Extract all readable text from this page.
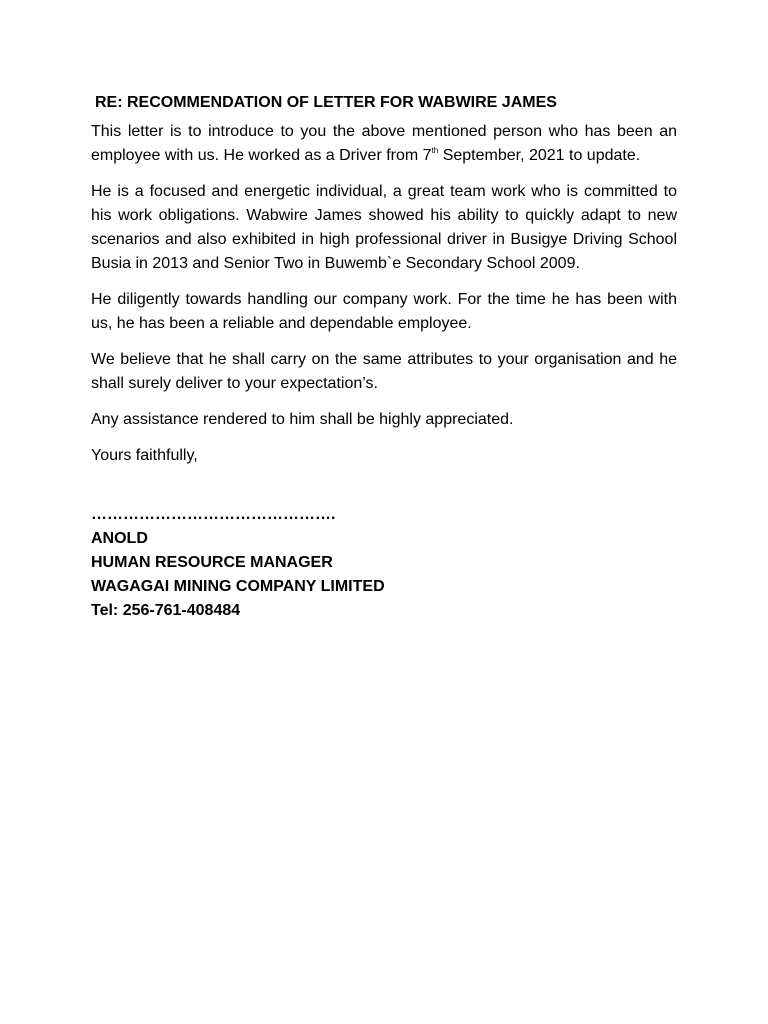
RE: RECOMMENDATION OF LETTER FOR WABWIRE JAMES

This letter is to introduce to you the above mentioned person who has been an employee with us. He worked as a Driver from 7th September, 2021 to update.

He is a focused and energetic individual, a great team work who is committed to his work obligations. Wabwire James showed his ability to quickly adapt to new scenarios and also exhibited in high professional driver in Busigye Driving School Busia in 2013 and Senior Two in Buwemb`e Secondary School 2009.

He diligently towards handling our company work. For the time he has been with us, he has been a reliable and dependable employee.

We believe that he shall carry on the same attributes to your organisation and he shall surely deliver to your expectation’s.

Any assistance rendered to him shall be highly appreciated.

Yours faithfully,

……………………………………….
ANOLD
HUMAN RESOURCE MANAGER
WAGAGAI MINING COMPANY LIMITED
Tel: 256-761-408484
